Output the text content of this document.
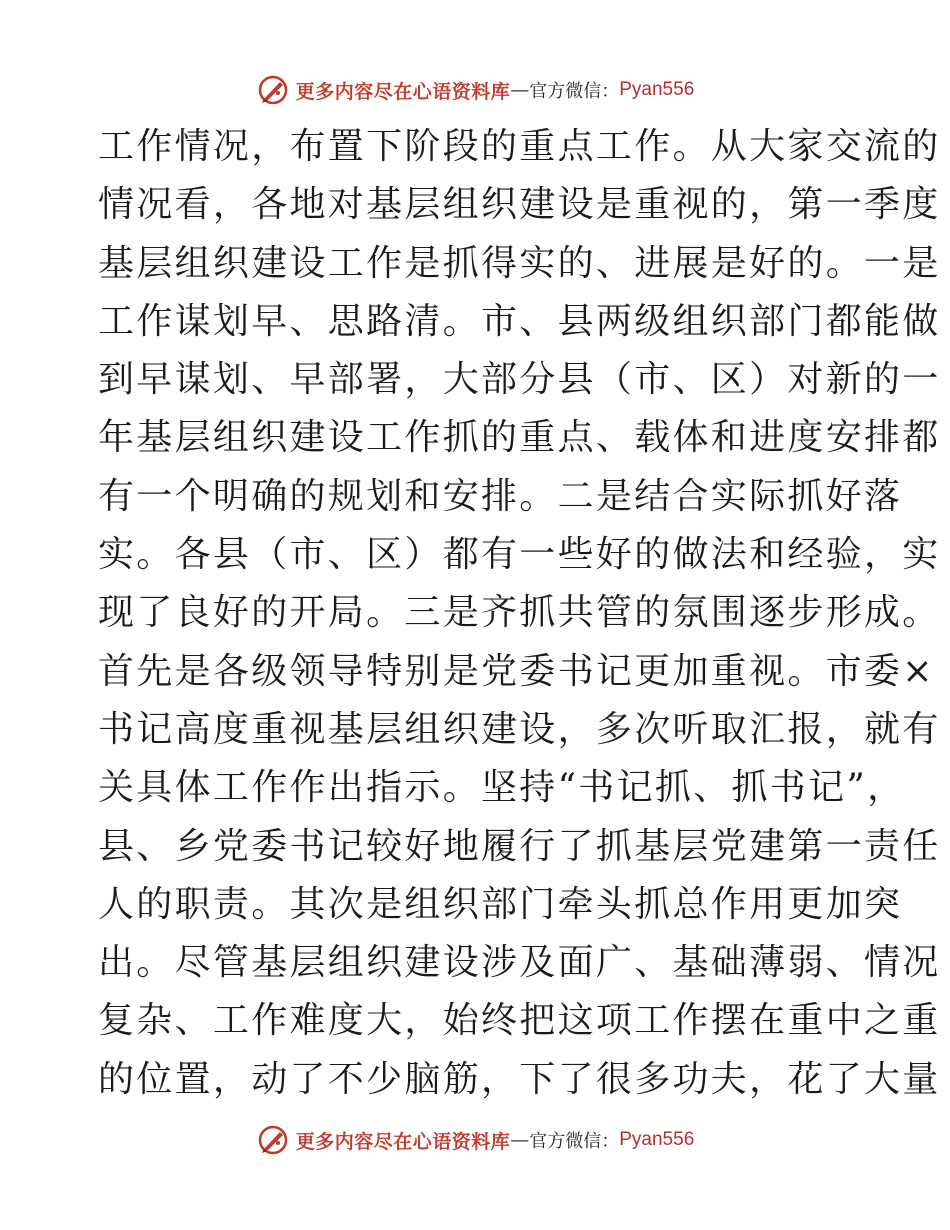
更多内容尽在心语资料库 — 官方微信： Pyan556
工作情况，布置下阶段的重点工作。从大家交流的
情况看，各地对基层组织建设是重视的，第一季度
基层组织建设工作是抓得实的、进展是好的。一是
工作谋划早、思路清。市、县两级组织部门都能做
到早谋划、早部署，大部分县（市、区）对新的一
年基层组织建设工作抓的重点、载体和进度安排都
有一个明确的规划和安排。二是结合实际抓好落
实。各县（市、区）都有一些好的做法和经验，实
现了良好的开局。三是齐抓共管的氛围逐步形成。
首先是各级领导特别是党委书记更加重视。市委×
书记高度重视基层组织建设，多次听取汇报，就有
关具体工作作出指示。坚持“书记抓、抓书记”，
县、乡党委书记较好地履行了抓基层党建第一责任
人的职责。其次是组织部门牵头抓总作用更加突
出。尽管基层组织建设涉及面广、基础薄弱、情况
复杂、工作难度大，始终把这项工作摆在重中之重
的位置，动了不少脑筋，下了很多功夫，花了大量
更多内容尽在心语资料库 — 官方微信： Pyan556
